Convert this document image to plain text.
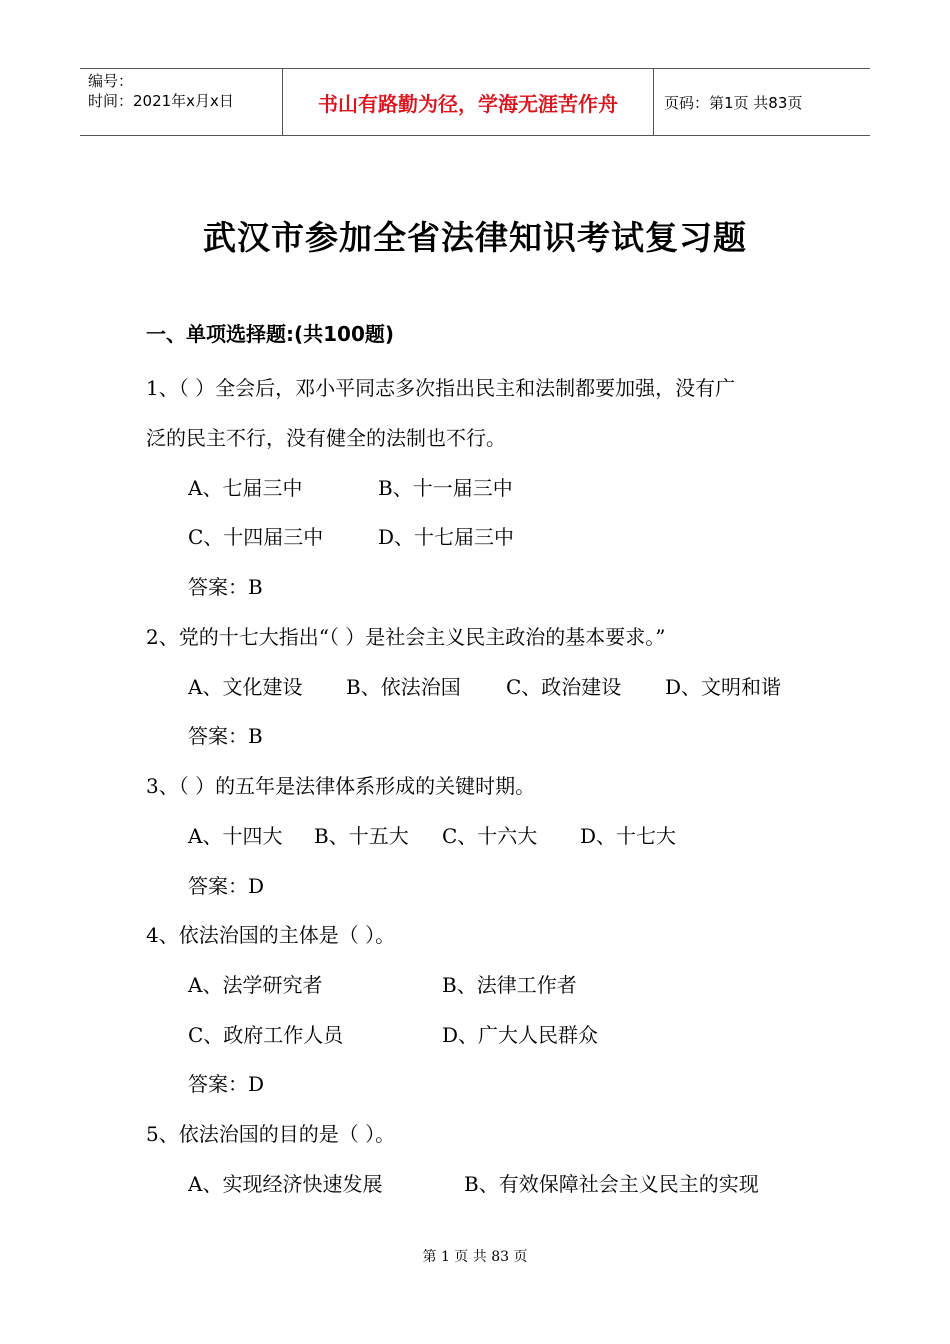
编号：
时间：2021年x月x日	书山有路勤为径，学海无涯苦作舟	页码：第1页 共83页
武汉市参加全省法律知识考试复习题
一、单项选择题:(共100题)
1、（ ）全会后，邓小平同志多次指出民主和法制都要加强，没有广
泛的民主不行，没有健全的法制也不行。
A、七届三中	B、十一届三中
C、十四届三中	D、十七届三中
答案：B
2、党的十七大指出“（ ）是社会主义民主政治的基本要求。”
A、文化建设 B、依法治国 C、政治建设 D、文明和谐
答案：B
3、（ ）的五年是法律体系形成的关键时期。
A、十四大 B、十五大 C、十六大 D、十七大
答案：D
4、依法治国的主体是（ ）。
A、法学研究者	B、法律工作者
C、政府工作人员	D、广大人民群众
答案：D
5、依法治国的目的是（ ）。
A、实现经济快速发展	B、有效保障社会主义民主的实现
第 1 页 共 83 页
